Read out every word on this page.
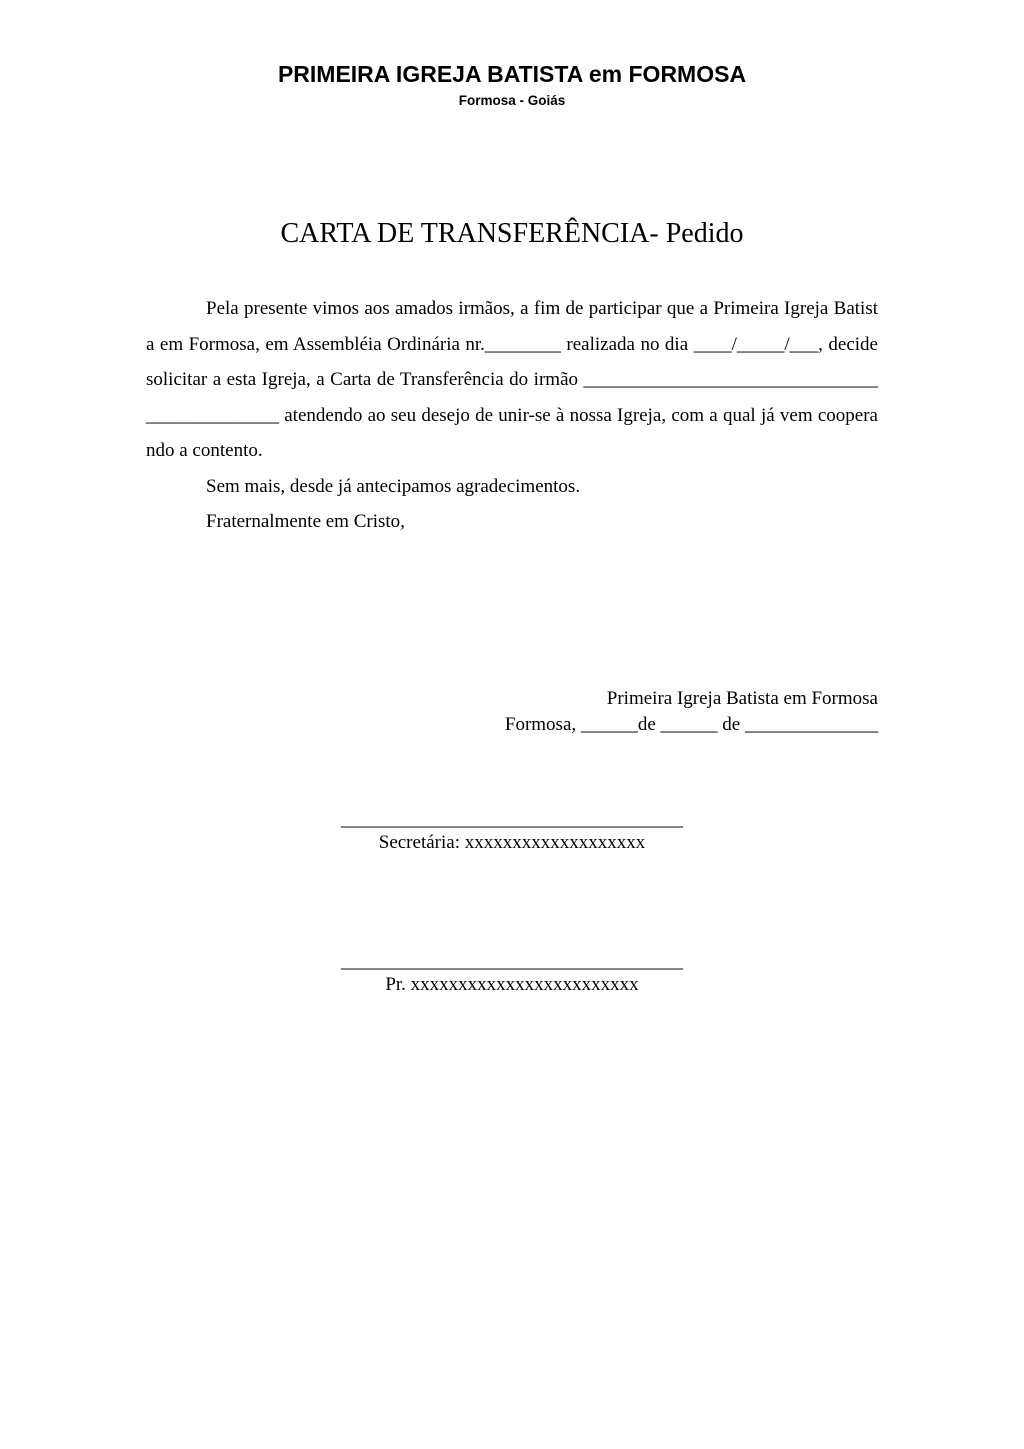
PRIMEIRA IGREJA BATISTA em FORMOSA
Formosa - Goiás
CARTA DE TRANSFERÊNCIA- Pedido

Pela presente vimos aos amados irmãos, a fim de participar que a Primeira Igreja Batista em Formosa, em Assembléia Ordinária nr.________ realizada no dia ____/_____/___, decide solicitar a esta Igreja, a Carta de Transferência do irmão _____________________________________________ atendendo ao seu desejo de unir-se à nossa Igreja, com a qual já vem cooperando a contento.

Sem mais, desde já antecipamos agradecimentos.

Fraternalmente em Cristo,

Primeira Igreja Batista em Formosa
Formosa, ______de ______ de ______________
____________________________________
Secretária: xxxxxxxxxxxxxxxxxxx
____________________________________
Pr. xxxxxxxxxxxxxxxxxxxxxxxx
